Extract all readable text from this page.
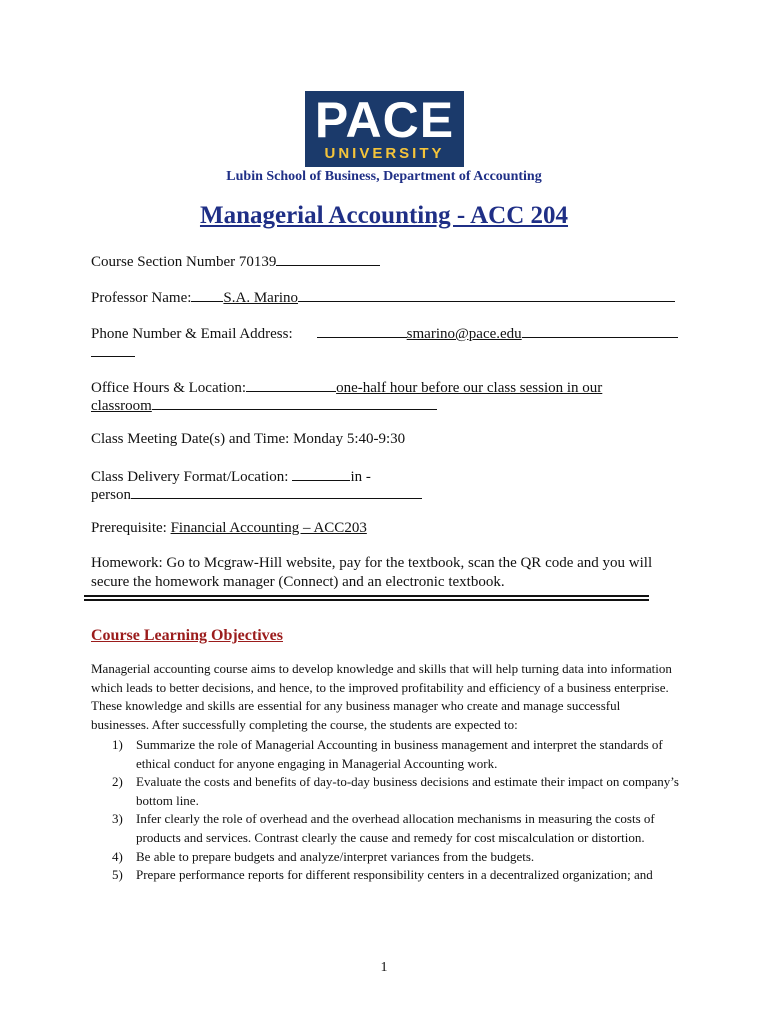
PACE
UNIVERSITY
Lubin School of Business, Department of Accounting
Managerial Accounting - ACC 204
Course Section Number 70139
Professor Name: S.A. Marino
Phone Number & Email Address:	smarino@pace.edu
Office Hours & Location:	one-half hour before our class session in our
classroom
Class Meeting Date(s) and Time: Monday 5:40-9:30
Class Delivery Format/Location:	in -
person
Prerequisite: Financial Accounting – ACC203
Homework: Go to Mcgraw-Hill website, pay for the textbook, scan the QR code and you will secure the homework manager (Connect) and an electronic textbook.
Course Learning Objectives
Managerial accounting course aims to develop knowledge and skills that will help turning data into information which leads to better decisions, and hence, to the improved profitability and efficiency of a business enterprise. These knowledge and skills are essential for any business manager who create and manage successful businesses. After successfully completing the course, the students are expected to:
1) Summarize the role of Managerial Accounting in business management and interpret the standards of ethical conduct for anyone engaging in Managerial Accounting work.
2) Evaluate the costs and benefits of day-to-day business decisions and estimate their impact on company’s bottom line.
3) Infer clearly the role of overhead and the overhead allocation mechanisms in measuring the costs of products and services. Contrast clearly the cause and remedy for cost miscalculation or distortion.
4) Be able to prepare budgets and analyze/interpret variances from the budgets.
5) Prepare performance reports for different responsibility centers in a decentralized organization; and
1
